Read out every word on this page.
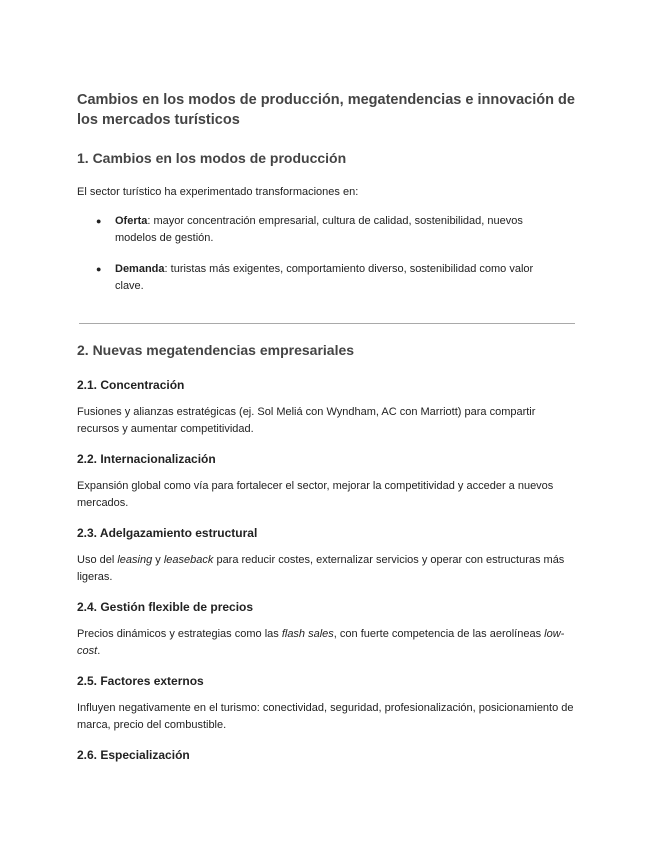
Cambios en los modos de producción, megatendencias e innovación de los mercados turísticos
1. Cambios en los modos de producción

El sector turístico ha experimentado transformaciones en:

● Oferta: mayor concentración empresarial, cultura de calidad, sostenibilidad, nuevos modelos de gestión.
● Demanda: turistas más exigentes, comportamiento diverso, sostenibilidad como valor clave.
2. Nuevas megatendencias empresariales
2.1. Concentración

Fusiones y alianzas estratégicas (ej. Sol Meliá con Wyndham, AC con Marriott) para compartir recursos y aumentar competitividad.

2.2. Internacionalización

Expansión global como vía para fortalecer el sector, mejorar la competitividad y acceder a nuevos mercados.

2.3. Adelgazamiento estructural

Uso del leasing y leaseback para reducir costes, externalizar servicios y operar con estructuras más ligeras.

2.4. Gestión flexible de precios

Precios dinámicos y estrategias como las flash sales, con fuerte competencia de las aerolíneas low-cost.

2.5. Factores externos

Influyen negativamente en el turismo: conectividad, seguridad, profesionalización, posicionamiento de marca, precio del combustible.

2.6. Especialización
